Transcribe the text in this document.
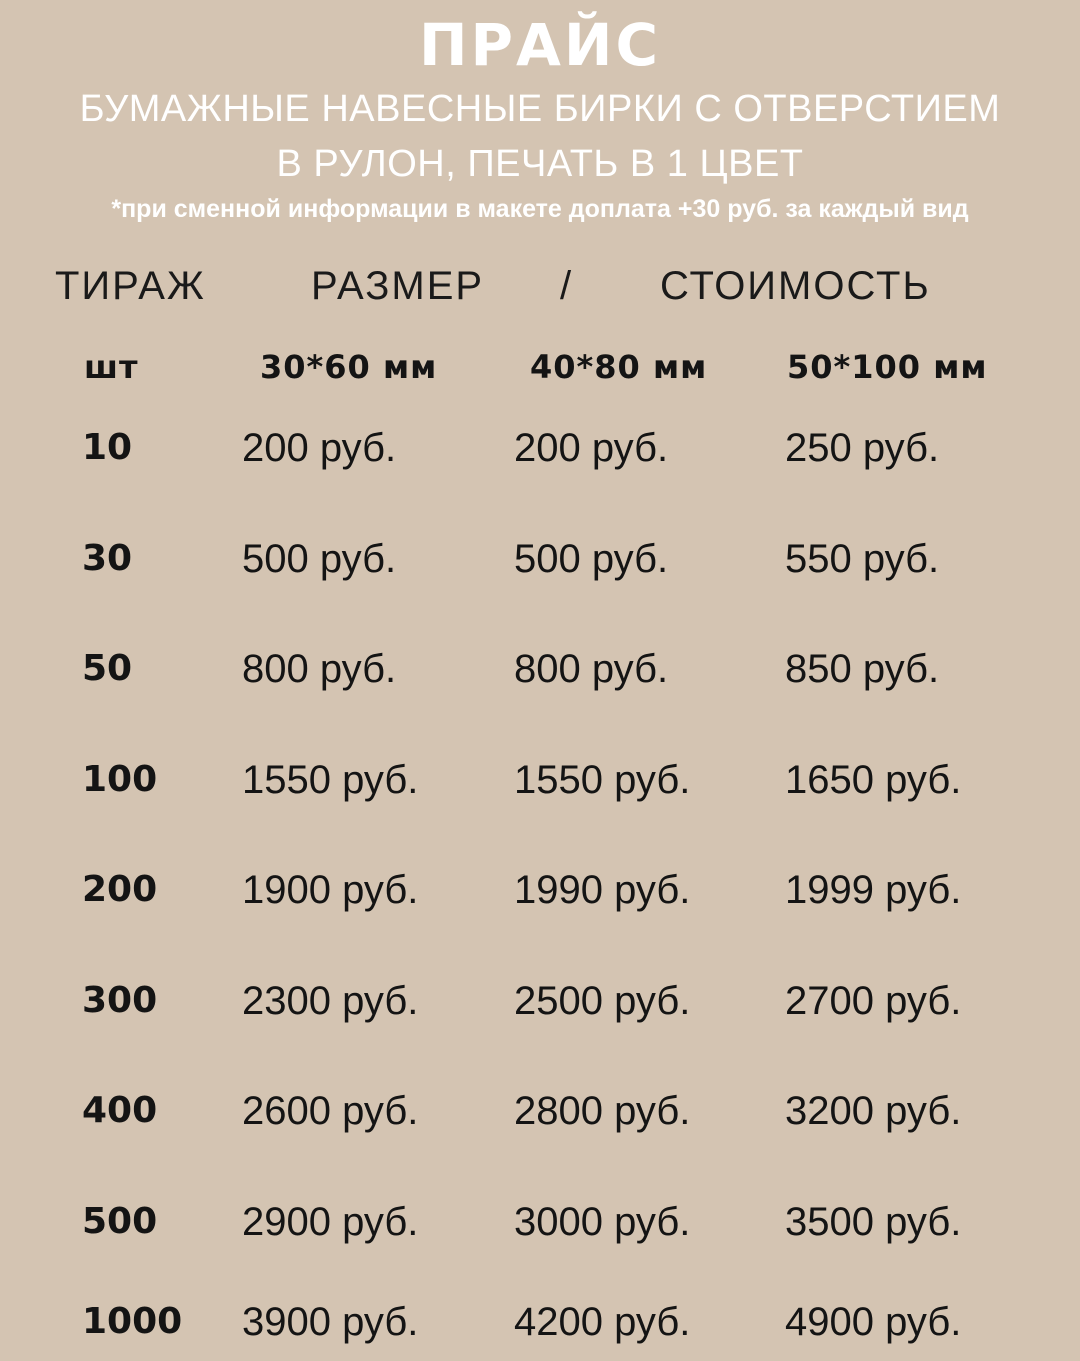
ПРАЙС
БУМАЖНЫЕ НАВЕСНЫЕ БИРКИ С ОТВЕРСТИЕМ
В РУЛОН, ПЕЧАТЬ В 1 ЦВЕТ
*при сменной информации в макете доплата +30 руб. за каждый вид
ТИРАЖ	РАЗМЕР / СТОИМОСТЬ
шт	30*60 мм	40*80 мм 50*100 мм
10	200 руб.	200 руб.	250 руб.
30	500 руб.	500 руб.	550 руб.
50	800 руб.	800 руб.	850 руб.
100 1550 руб. 1550 руб. 1650 руб.
200 1900 руб. 1990 руб. 1999 руб.
300 2300 руб. 2500 руб. 2700 руб.
400 2600 руб. 2800 руб. 3200 руб.
500 2900 руб. 3000 руб. 3500 руб.
1000 3900 руб. 4200 руб. 4900 руб.
